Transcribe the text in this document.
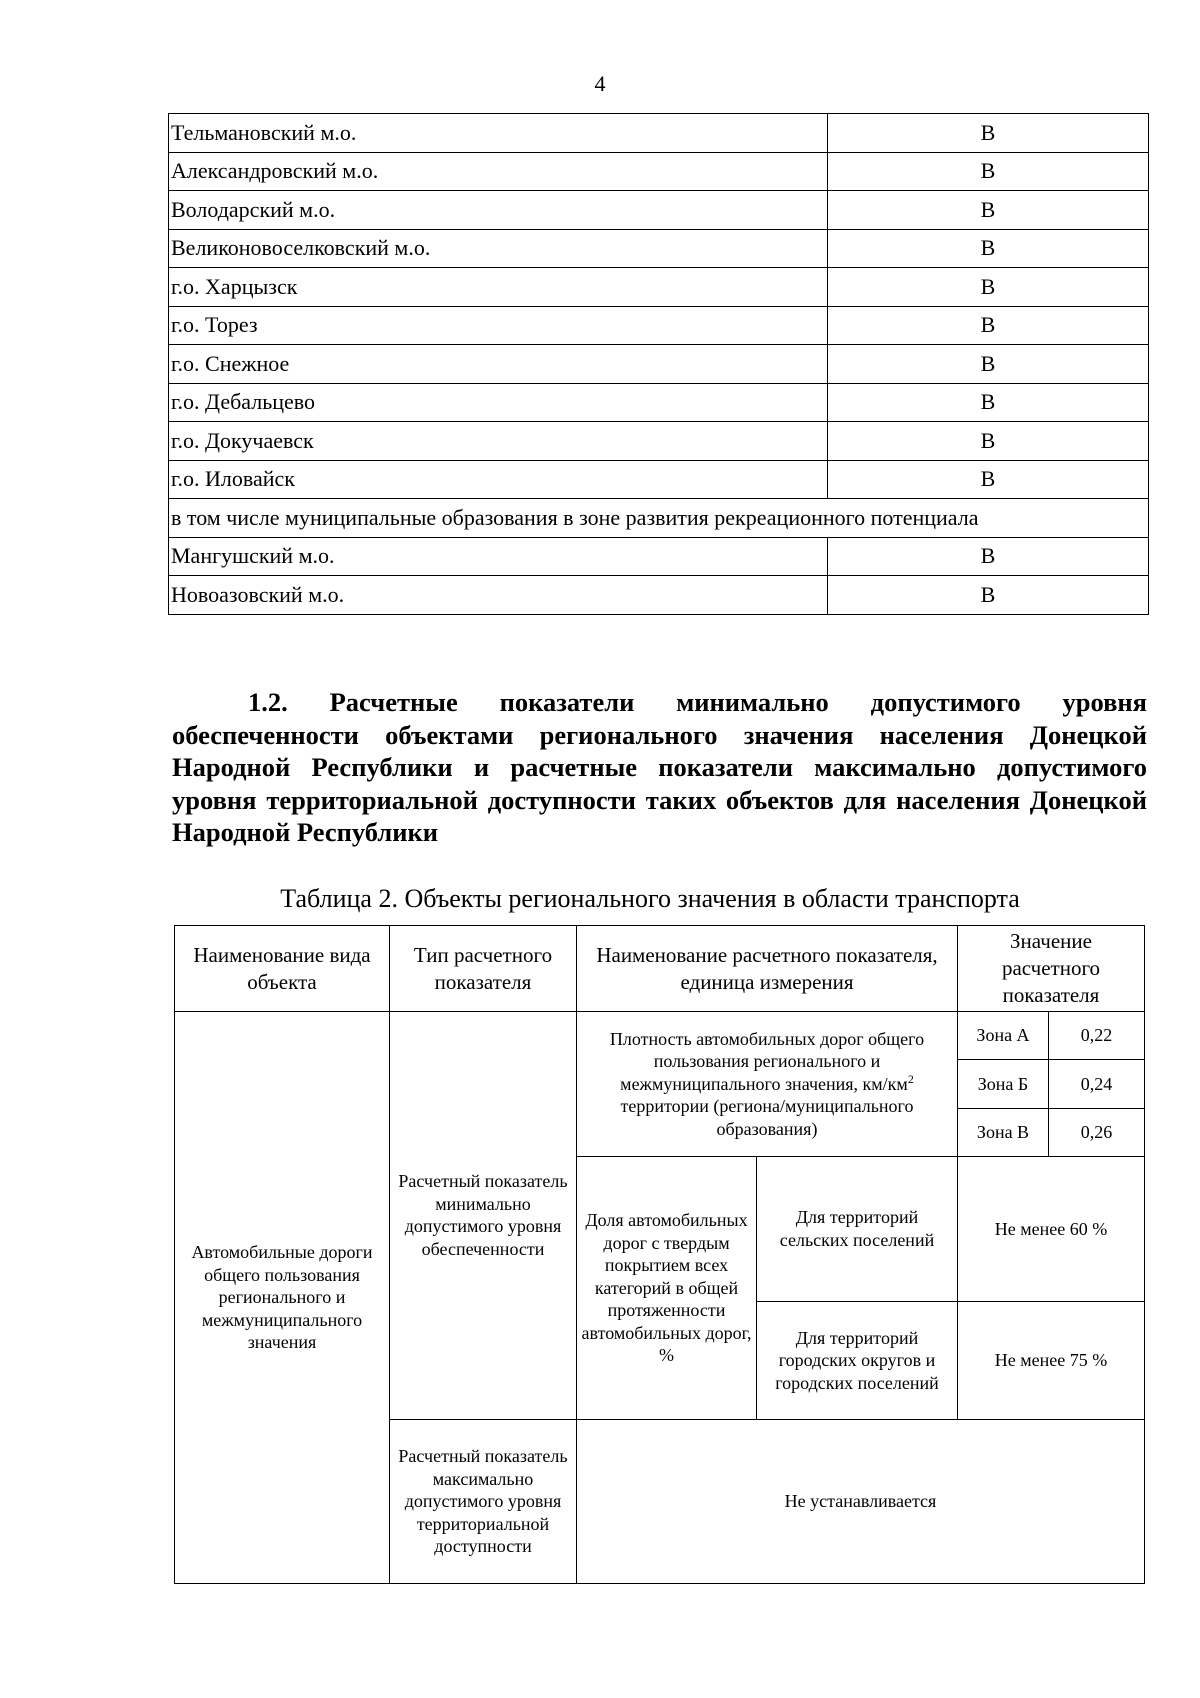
4
Тельмановский м.о.	В
Александровский м.о.	В
Володарский м.о.	В
Великоновоселковский м.о.	В
г.о. Харцызск	В
г.о. Торез	В
г.о. Снежное	В
г.о. Дебальцево	В
г.о. Докучаевск	В
г.о. Иловайск	В
в том числе муниципальные образования в зоне развития рекреационного потенциала	
Мангушский м.о.	В
Новоазовский м.о.	В

1.2. Расчетные показатели минимально допустимого уровня обеспеченности объектами регионального значения населения Донецкой Народной Республики и расчетные показатели максимально допустимого уровня территориальной доступности таких объектов для населения Донецкой Народной Республики

Таблица 2. Объекты регионального значения в области транспорта
Наименование вида объекта	Тип расчетного показателя	Наименование расчетного показателя, единица измерения		Значение расчетного показателя	
Автомобильные дороги общего пользования регионального и межмуниципального значения	Расчетный показатель минимально допустимого уровня обеспеченности	Плотность автомобильных дорог общего пользования регионального и межмуниципального значения, $км/км^2$ территории (региона/муниципального образования)		Зона А	0,22
				Зона Б	0,24
				Зона В	0,26
		Доля автомобильных дорог с твердым покрытием всех категорий в общей протяженности автомобильных дорог, %	Для территорий сельских поселений	Не менее 60 %	
			Для территорий городских округов и городских поселений	Не менее 75 %	
	Расчетный показатель максимально допустимого уровня территориальной доступности	Не устанавливается			
